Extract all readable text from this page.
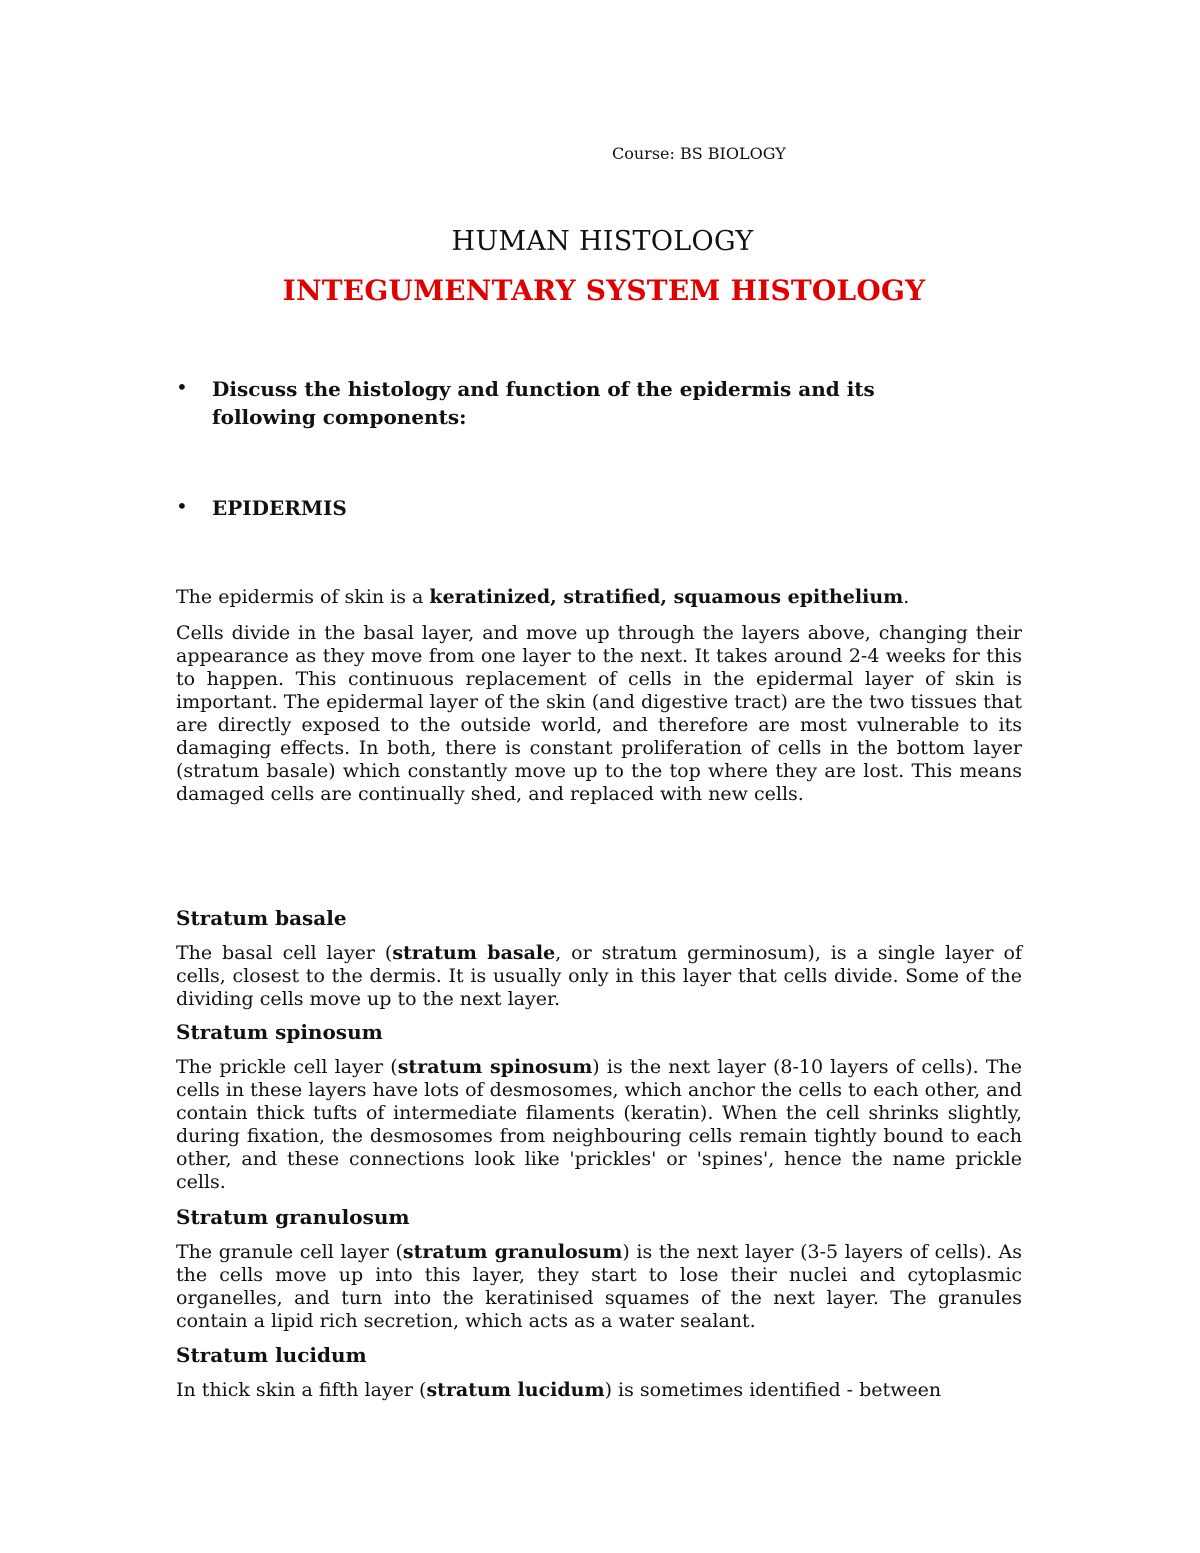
Course: BS BIOLOGY
HUMAN HISTOLOGY
INTEGUMENTARY SYSTEM HISTOLOGY
•	Discuss the histology and function of the epidermis and its
following components:
•	EPIDERMIS
The epidermis of skin is a keratinized, stratified, squamous epithelium.
Cells divide in the basal layer, and move up through the layers above, changing their appearance as they move from one layer to the next. It takes around 2-4 weeks for this to happen. This continuous replacement of cells in the epidermal layer of skin is important. The epidermal layer of the skin (and digestive tract) are the two tissues that are directly exposed to the outside world, and therefore are most vulnerable to its damaging effects. In both, there is constant proliferation of cells in the bottom layer (stratum basale) which constantly move up to the top where they are lost. This means damaged cells are continually shed, and replaced with new cells.
Stratum basale
The basal cell layer (stratum basale, or stratum germinosum), is a single layer of cells, closest to the dermis. It is usually only in this layer that cells divide. Some of the dividing cells move up to the next layer.
Stratum spinosum
The prickle cell layer (stratum spinosum) is the next layer (8-10 layers of cells). The cells in these layers have lots of desmosomes, which anchor the cells to each other, and contain thick tufts of intermediate filaments (keratin). When the cell shrinks slightly, during fixation, the desmosomes from neighbouring cells remain tightly bound to each other, and these connections look like 'prickles' or 'spines', hence the name prickle cells.
Stratum granulosum
The granule cell layer (stratum granulosum) is the next layer (3-5 layers of cells). As the cells move up into this layer, they start to lose their nuclei and cytoplasmic organelles, and turn into the keratinised squames of the next layer. The granules contain a lipid rich secretion, which acts as a water sealant.
Stratum lucidum
In thick skin a fifth layer (stratum lucidum) is sometimes identified - between
